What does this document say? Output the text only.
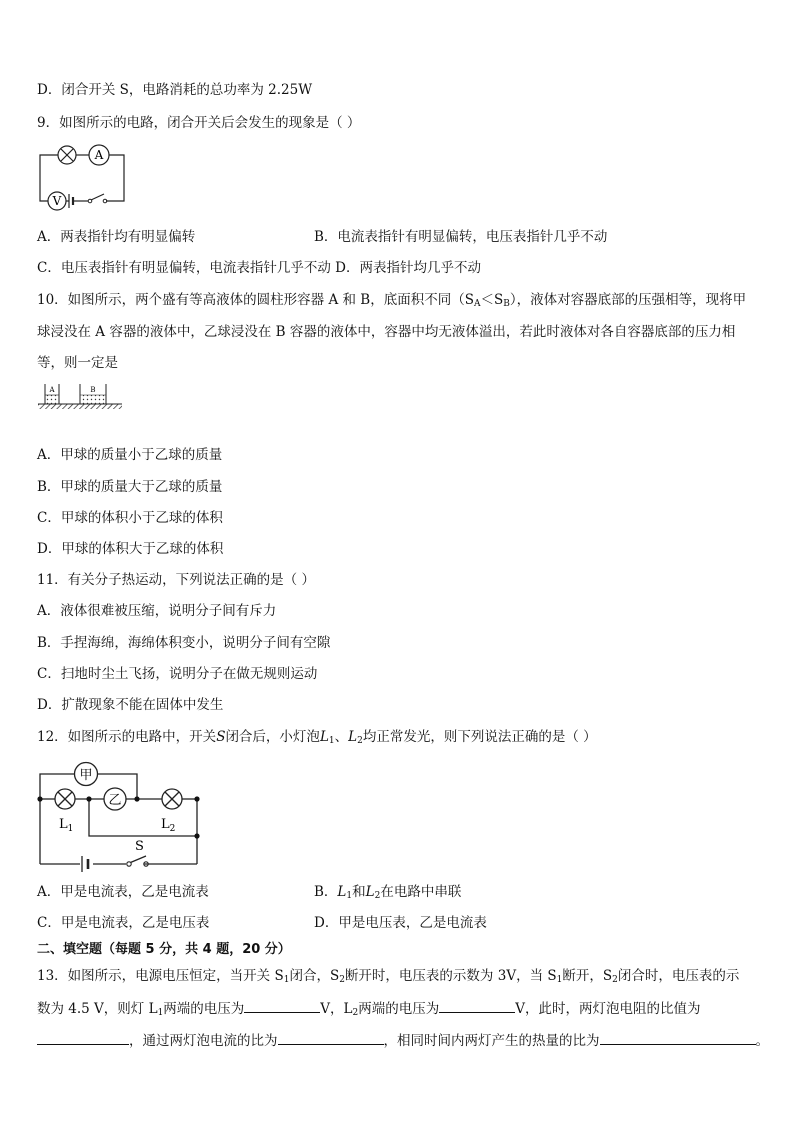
D．闭合开关 S，电路消耗的总功率为 2.25W
9．如图所示的电路，闭合开关后会发生的现象是（ ）
A
V
A．两表指针均有明显偏转	B．电流表指针有明显偏转，电压表指针几乎不动
C．电压表指针有明显偏转，电流表指针几乎不动 D．两表指针均几乎不动
10．如图所示，两个盛有等高液体的圆柱形容器 A 和 B，底面积不同$(S_A<S_B)$，液体对容器底部的压强相等，现将甲
球浸没在 A 容器的液体中，乙球浸没在 B 容器的液体中，容器中均无液体溢出，若此时液体对各自容器底部的压力相
等，则一定是
A	B
A．甲球的质量小于乙球的质量
B．甲球的质量大于乙球的质量
C．甲球的体积小于乙球的体积
D．甲球的体积大于乙球的体积
11．有关分子热运动，下列说法正确的是（ ）
A．液体很难被压缩，说明分子间有斥力
B．手捏海绵，海绵体积变小，说明分子间有空隙
C．扫地时尘土飞扬，说明分子在做无规则运动
D．扩散现象不能在固体中发生
12．如图所示的电路中，开关S闭合后，小灯泡$L_1$、$L_2$均正常发光，则下列说法正确的是（ ）
甲
乙
$L_1$	$L_2$
S
A．甲是电流表，乙是电流表	B．$L_1$和$L_2$在电路中串联
C．甲是电流表，乙是电压表	D．甲是电压表，乙是电流表
二、填空题（每题 5 分，共 4 题，20 分）
13．如图所示，电源电压恒定，当开关 $S_1$闭合，$S_2$断开时，电压表的示数为 3V，当 $S_1$断开，$S_2$闭合时，电压表的示
数为 4.5 V，则灯 $L_1$两端的电压为	V，$L_2$两端的电压为	V，此时，两灯泡电阻的比值为
，通过两灯泡电流的比为	，相同时间内两灯产生的热量的比为	。
